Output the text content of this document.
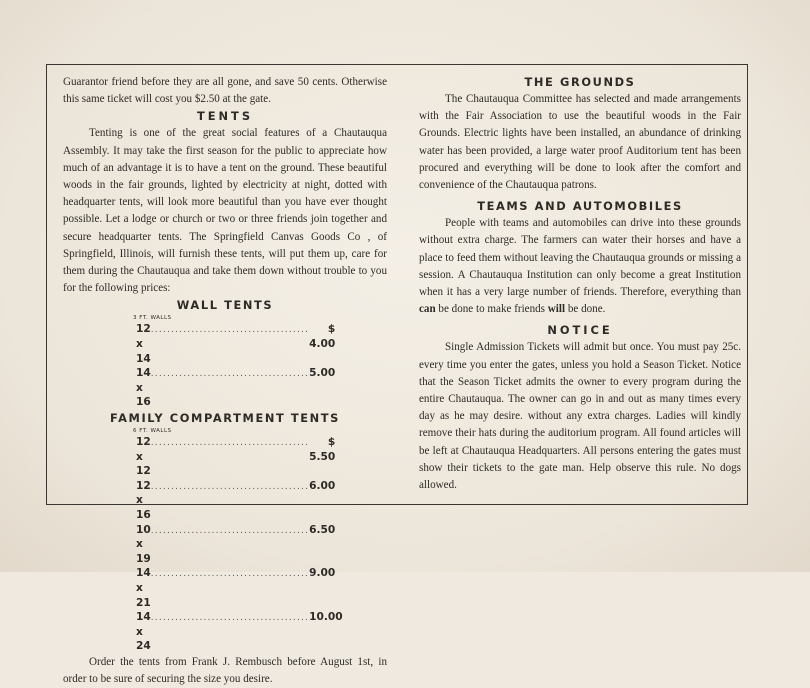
Guarantor friend before they are all gone, and save 50 cents. Otherwise this same ticket will cost you $2.50 at the gate.

TENTS

Tenting is one of the great social features of a Chautauqua Assembly. It may take the first season for the public to appreciate how much of an advantage it is to have a tent on the ground. These beautiful woods in the fair grounds, lighted by electricity at night, dotted with headquarter tents, will look more beautiful than you have ever thought possible. Let a lodge or church or two or three friends join together and secure headquarter tents. The Springfield Canvas Goods Co , of Springfield, Illinois, will furnish these tents, will put them up, care for them during the Chautauqua and take them down without trouble to you for the following prices:

WALL TENTS
3 FT. WALLS
12 x 14
.......................................	$ 4.00
14 x 16
....................................... 5.00
FAMILY COMPARTMENT TENTS
6 FT. WALLS
12 x 12
.......................................	$ 5.50
12 x 16
....................................... 6.00
10 x 19
....................................... 6.50
14 x 21
....................................... 9.00
14 x 24
....................................... 10.00

Order the tents from Frank J. Rembusch before August 1st, in order to be sure of securing the size you desire.

THE GROUNDS

The Chautauqua Committee has selected and made arrangements with the Fair Association to use the beautiful woods in the Fair Grounds. Electric lights have been installed, an abundance of drinking water has been provided, a large water proof Auditorium tent has been procured and everything will be done to look after the comfort and convenience of the Chautauqua patrons.

TEAMS AND AUTOMOBILES

People with teams and automobiles can drive into these grounds without extra charge. The farmers can water their horses and have a place to feed them without leaving the Chautauqua grounds or missing a session. A Chautauqua Institution can only become a great Institution when it has a very large number of friends. Therefore, everything than can be done to make friends will be done.

NOTICE

Single Admission Tickets will admit but once. You must pay 25c. every time you enter the gates, unless you hold a Season Ticket. Notice that the Season Ticket admits the owner to every program during the entire Chautauqua. The owner can go in and out as many times every day as he may desire. without any extra charges. Ladies will kindly remove their hats during the auditorium program. All found articles will be left at Chautauqua Headquarters. All persons entering the gates must show their tickets to the gate man. Help observe this rule. No dogs allowed.
